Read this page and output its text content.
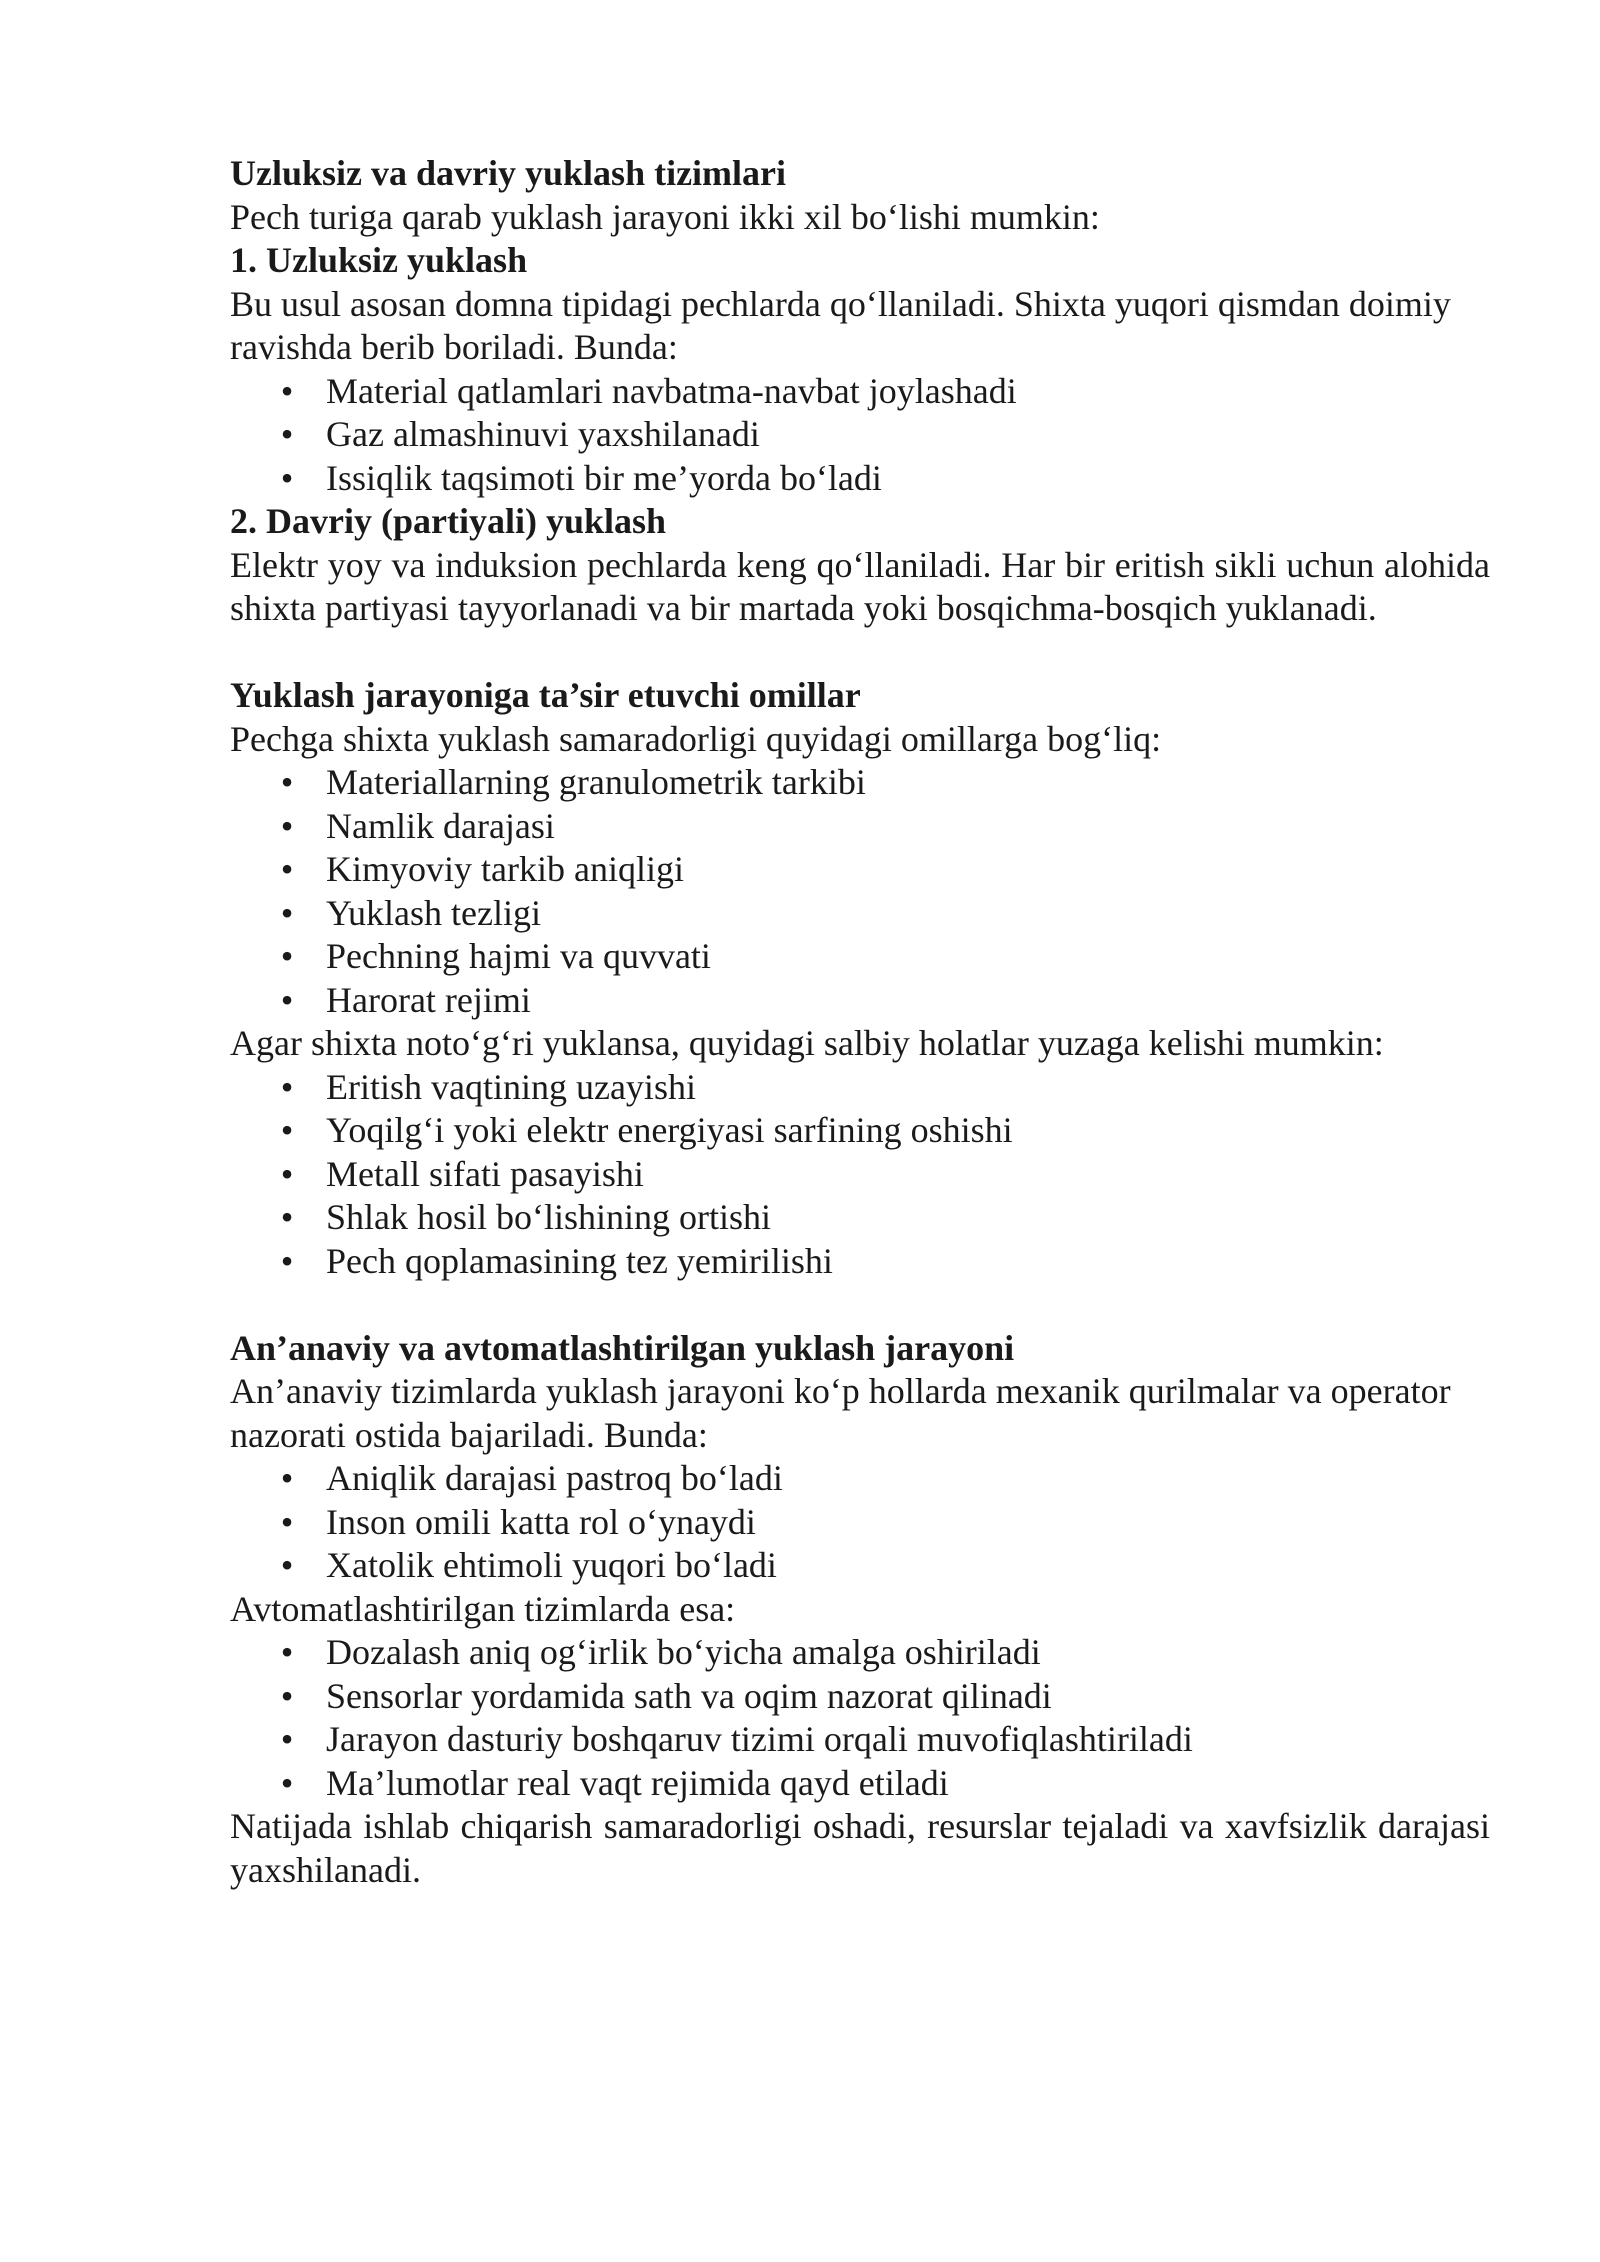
Uzluksiz va davriy yuklash tizimlari

Pech turiga qarab yuklash jarayoni ikki xil bo‘lishi mumkin:

1. Uzluksiz yuklash

Bu usul asosan domna tipidagi pechlarda qo‘llaniladi. Shixta yuqori qismdan doimiy ravishda berib boriladi. Bunda:

• Material qatlamlari navbatma-navbat joylashadi
• Gaz almashinuvi yaxshilanadi
• Issiqlik taqsimoti bir me’yorda bo‘ladi

2. Davriy (partiyali) yuklash

Elektr yoy va induksion pechlarda keng qo‘llaniladi. Har bir eritish sikli uchun alohida shixta partiyasi tayyorlanadi va bir martada yoki bosqichma-bosqich yuklanadi.

Yuklash jarayoniga ta’sir etuvchi omillar

Pechga shixta yuklash samaradorligi quyidagi omillarga bog‘liq:

• Materiallarning granulometrik tarkibi
• Namlik darajasi
• Kimyoviy tarkib aniqligi
• Yuklash tezligi
• Pechning hajmi va quvvati
• Harorat rejimi

Agar shixta noto‘g‘ri yuklansa, quyidagi salbiy holatlar yuzaga kelishi mumkin:

• Eritish vaqtining uzayishi
• Yoqilg‘i yoki elektr energiyasi sarfining oshishi
• Metall sifati pasayishi
• Shlak hosil bo‘lishining ortishi
• Pech qoplamasining tez yemirilishi

An’anaviy va avtomatlashtirilgan yuklash jarayoni

An’anaviy tizimlarda yuklash jarayoni ko‘p hollarda mexanik qurilmalar va operator nazorati ostida bajariladi. Bunda:

• Aniqlik darajasi pastroq bo‘ladi
• Inson omili katta rol o‘ynaydi
• Xatolik ehtimoli yuqori bo‘ladi

Avtomatlashtirilgan tizimlarda esa:

• Dozalash aniq og‘irlik bo‘yicha amalga oshiriladi
• Sensorlar yordamida sath va oqim nazorat qilinadi
• Jarayon dasturiy boshqaruv tizimi orqali muvofiqlashtiriladi
• Ma’lumotlar real vaqt rejimida qayd etiladi

Natijada ishlab chiqarish samaradorligi oshadi, resurslar tejaladi va xavfsizlik darajasi yaxshilanadi.
